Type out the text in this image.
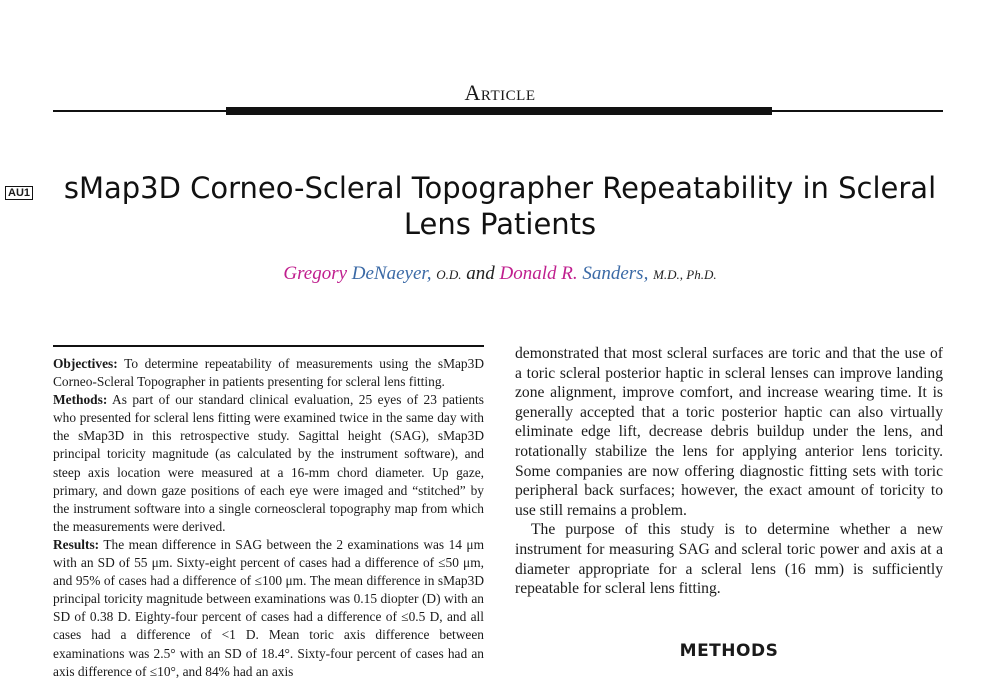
Article
AU1 sMap3D Corneo-Scleral Topographer Repeatability in Scleral Lens Patients
Gregory DeNaeyer, O.D. and Donald R. Sanders, M.D., Ph.D.

Objectives: To determine repeatability of measurements using the sMap3D Corneo-Scleral Topographer in patients presenting for scleral lens fitting.

Methods: As part of our standard clinical evaluation, 25 eyes of 23 patients who presented for scleral lens fitting were examined twice in the same day with the sMap3D in this retrospective study. Sagittal height (SAG), sMap3D principal toricity magnitude (as calculated by the instrument software), and steep axis location were measured at a 16-mm chord diameter. Up gaze, primary, and down gaze positions of each eye were imaged and “stitched” by the instrument software into a single corneoscleral topography map from which the measurements were derived.

Results: The mean difference in SAG between the 2 examinations was 14 μm with an SD of 55 μm. Sixty-eight percent of cases had a difference of ≤50 μm, and 95% of cases had a difference of ≤100 μm. The mean difference in sMap3D principal toricity magnitude between examinations was 0.15 diopter (D) with an SD of 0.38 D. Eighty-four percent of cases had a difference of ≤0.5 D, and all cases had a difference of <1 D. Mean toric axis difference between examinations was 2.5° with an SD of 18.4°. Sixty-four percent of cases had an axis difference of ≤10°, and 84% had an axis

demonstrated that most scleral surfaces are toric and that the use of a toric scleral posterior haptic in scleral lenses can improve landing zone alignment, improve comfort, and increase wearing time. It is generally accepted that a toric posterior haptic can also virtually eliminate edge lift, decrease debris buildup under the lens, and rotationally stabilize the lens for applying anterior lens toricity. Some companies are now offering diagnostic fitting sets with toric peripheral back surfaces; however, the exact amount of toricity to use still remains a problem.

The purpose of this study is to determine whether a new instrument for measuring SAG and scleral toric power and axis at a diameter appropriate for a scleral lens (16 mm) is sufficiently repeatable for scleral lens fitting.

METHODS
